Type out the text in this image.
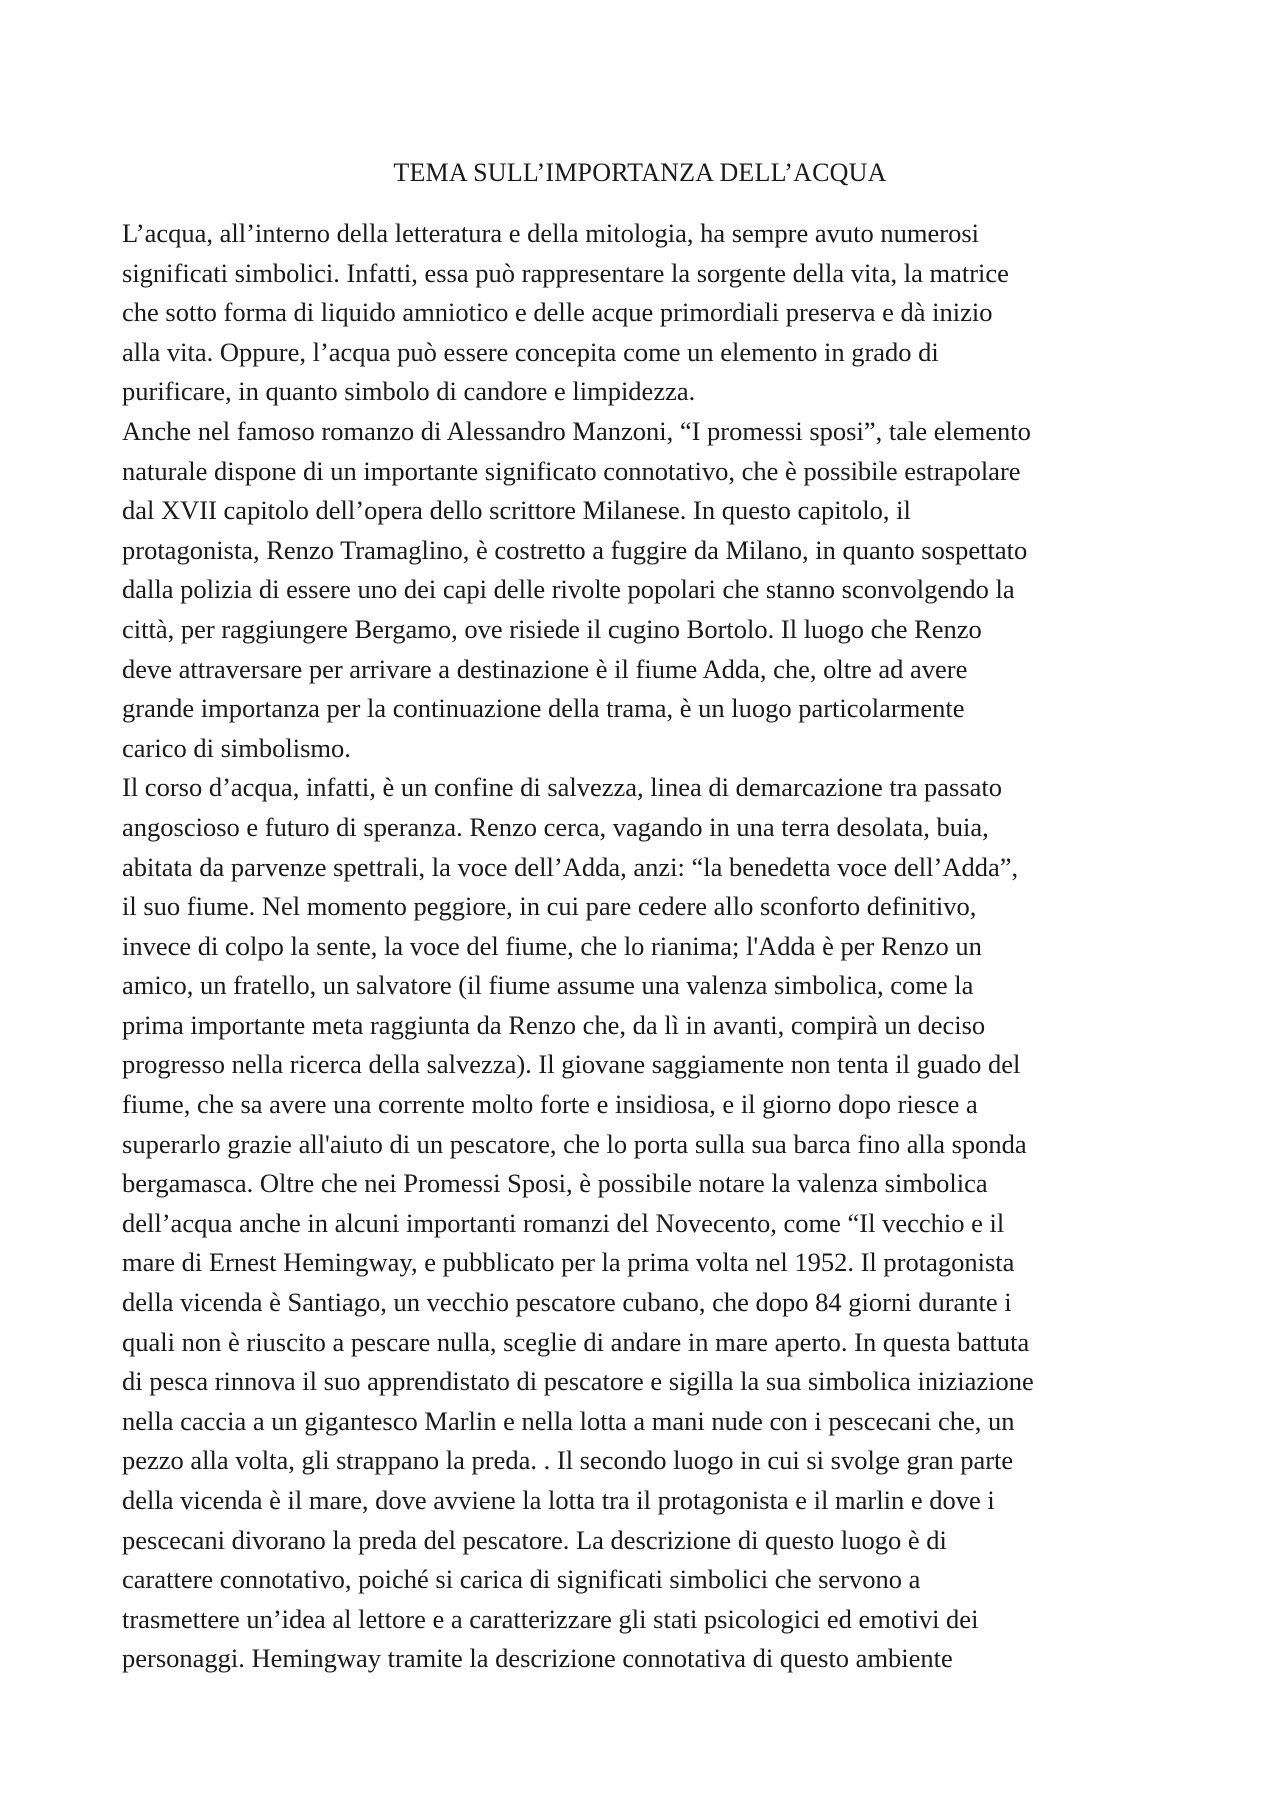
TEMA SULL’IMPORTANZA DELL’ACQUA
L’acqua, all’interno della letteratura e della mitologia, ha sempre avuto numerosi
significati simbolici. Infatti, essa può rappresentare la sorgente della vita, la matrice
che sotto forma di liquido amniotico e delle acque primordiali preserva e dà inizio
alla vita. Oppure, l’acqua può essere concepita come un elemento in grado di
purificare, in quanto simbolo di candore e limpidezza.
Anche nel famoso romanzo di Alessandro Manzoni, “I promessi sposi”, tale elemento
naturale dispone di un importante significato connotativo, che è possibile estrapolare
dal XVII capitolo dell’opera dello scrittore Milanese. In questo capitolo, il
protagonista, Renzo Tramaglino, è costretto a fuggire da Milano, in quanto sospettato
dalla polizia di essere uno dei capi delle rivolte popolari che stanno sconvolgendo la
città, per raggiungere Bergamo, ove risiede il cugino Bortolo. Il luogo che Renzo
deve attraversare per arrivare a destinazione è il fiume Adda, che, oltre ad avere
grande importanza per la continuazione della trama, è un luogo particolarmente
carico di simbolismo.
Il corso d’acqua, infatti, è un confine di salvezza, linea di demarcazione tra passato
angoscioso e futuro di speranza. Renzo cerca, vagando in una terra desolata, buia,
abitata da parvenze spettrali, la voce dell’Adda, anzi: “la benedetta voce dell’Adda”,
il suo fiume. Nel momento peggiore, in cui pare cedere allo sconforto definitivo,
invece di colpo la sente, la voce del fiume, che lo rianima; l'Adda è per Renzo un
amico, un fratello, un salvatore (il fiume assume una valenza simbolica, come la
prima importante meta raggiunta da Renzo che, da lì in avanti, compirà un deciso
progresso nella ricerca della salvezza). Il giovane saggiamente non tenta il guado del
fiume, che sa avere una corrente molto forte e insidiosa, e il giorno dopo riesce a
superarlo grazie all'aiuto di un pescatore, che lo porta sulla sua barca fino alla sponda
bergamasca. Oltre che nei Promessi Sposi, è possibile notare la valenza simbolica
dell’acqua anche in alcuni importanti romanzi del Novecento, come “Il vecchio e il
mare di Ernest Hemingway, e pubblicato per la prima volta nel 1952. Il protagonista
della vicenda è Santiago, un vecchio pescatore cubano, che dopo 84 giorni durante i
quali non è riuscito a pescare nulla, sceglie di andare in mare aperto. In questa battuta
di pesca rinnova il suo apprendistato di pescatore e sigilla la sua simbolica iniziazione
nella caccia a un gigantesco Marlin e nella lotta a mani nude con i pescecani che, un
pezzo alla volta, gli strappano la preda. . Il secondo luogo in cui si svolge gran parte
della vicenda è il mare, dove avviene la lotta tra il protagonista e il marlin e dove i
pescecani divorano la preda del pescatore. La descrizione di questo luogo è di
carattere connotativo, poiché si carica di significati simbolici che servono a
trasmettere un’idea al lettore e a caratterizzare gli stati psicologici ed emotivi dei
personaggi. Hemingway tramite la descrizione connotativa di questo ambiente
